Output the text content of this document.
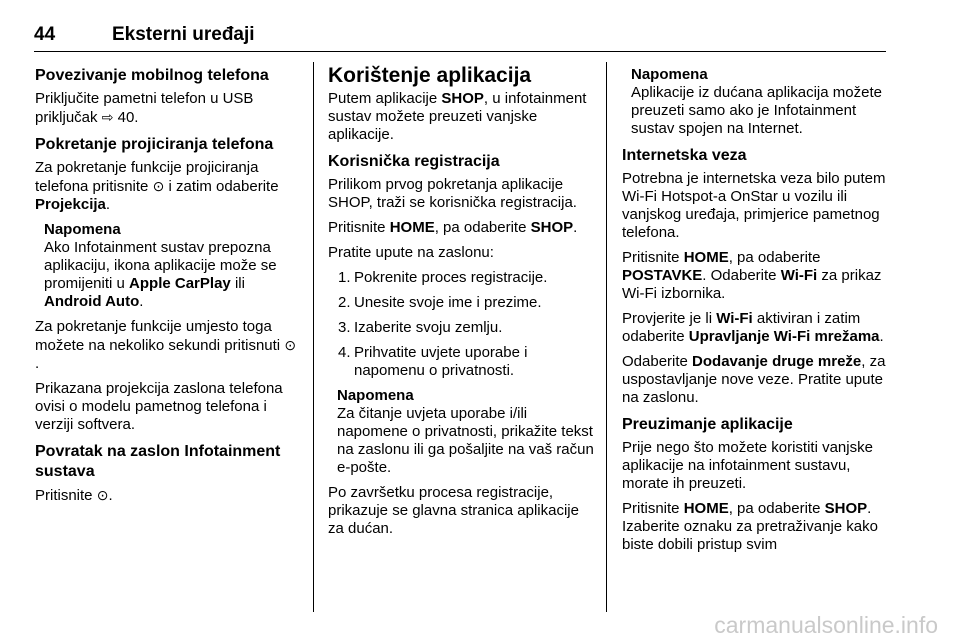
44	Eksterni uređaji
Povezivanje mobilnog telefona

Priključite pametni telefon u USB priključak ⇨ 40.

Pokretanje projiciranja telefona

Za pokretanje funkcije projiciranja telefona pritisnite ⊙ i zatim odaberite Projekcija.

Napomena
Ako Infotainment sustav prepozna aplikaciju, ikona aplikacije može se promijeniti u Apple CarPlay ili Android Auto.

Za pokretanje funkcije umjesto toga možete na nekoliko sekundi pritisnuti ⊙.

Prikazana projekcija zaslona telefona ovisi o modelu pametnog telefona i verziji softvera.

Povratak na zaslon Infotainment sustava

Pritisnite ⊙.

Korištenje aplikacija

Putem aplikacije SHOP, u infotainment sustav možete preuzeti vanjske aplikacije.

Korisnička registracija

Prilikom prvog pokretanja aplikacije SHOP, traži se korisnička registracija.

Pritisnite HOME, pa odaberite SHOP.

Pratite upute na zaslonu:

1. Pokrenite proces registracije.
2. Unesite svoje ime i prezime.
3. Izaberite svoju zemlju.
4. Prihvatite uvjete uporabe i napomenu o privatnosti.
Napomena
Za čitanje uvjeta uporabe i/ili napomene o privatnosti, prikažite tekst na zaslonu ili ga pošaljite na vaš račun e-pošte.

Po završetku procesa registracije, prikazuje se glavna stranica aplikacije za dućan.

Napomena
Aplikacije iz dućana aplikacija možete preuzeti samo ako je Infotainment sustav spojen na Internet.
Internetska veza

Potrebna je internetska veza bilo putem Wi-Fi Hotspot-a OnStar u vozilu ili vanjskog uređaja, primjerice pametnog telefona.

Pritisnite HOME, pa odaberite POSTAVKE. Odaberite Wi-Fi za prikaz Wi-Fi izbornika.

Provjerite je li Wi-Fi aktiviran i zatim odaberite Upravljanje Wi-Fi mrežama.

Odaberite Dodavanje druge mreže, za uspostavljanje nove veze. Pratite upute na zaslonu.

Preuzimanje aplikacije

Prije nego što možete koristiti vanjske aplikacije na infotainment sustavu, morate ih preuzeti.

Pritisnite HOME, pa odaberite SHOP. Izaberite oznaku za pretraživanje kako biste dobili pristup svim

carmanualsonline.info
